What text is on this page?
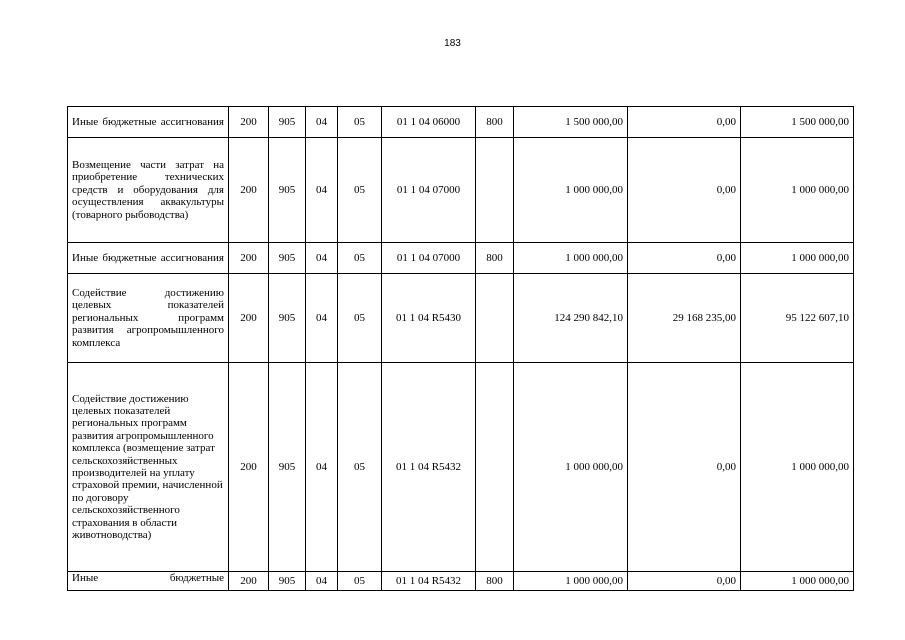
183
Иные бюджетные ассигнования	200	905	04	05	01 1 04 06000	800	1 500 000,00	0,00	1 500 000,00
Возмещение части затрат на приобретение технических средств и оборудования для осуществления аквакультуры (товарного рыбоводства)	200	905	04	05	01 1 04 07000		1 000 000,00	0,00	1 000 000,00
Иные бюджетные ассигнования	200	905	04	05	01 1 04 07000	800	1 000 000,00	0,00	1 000 000,00
Содействие достижению целевых показателей региональных программ развития агропромышленного комплекса	200	905	04	05	01 1 04 R5430		124 290 842,10	29 168 235,00	95 122 607,10
Содействие достижению целевых показателей региональных программ развития агропромышленного комплекса (возмещение затрат сельскохозяйственных производителей на уплату страховой премии, начисленной по договору сельскохозяйственного страхования в области животноводства)	200	905	04	05	01 1 04 R5432		1 000 000,00	0,00	1 000 000,00
Иные бюджетные	200	905	04	05	01 1 04 R5432	800	1 000 000,00	0,00	1 000 000,00
